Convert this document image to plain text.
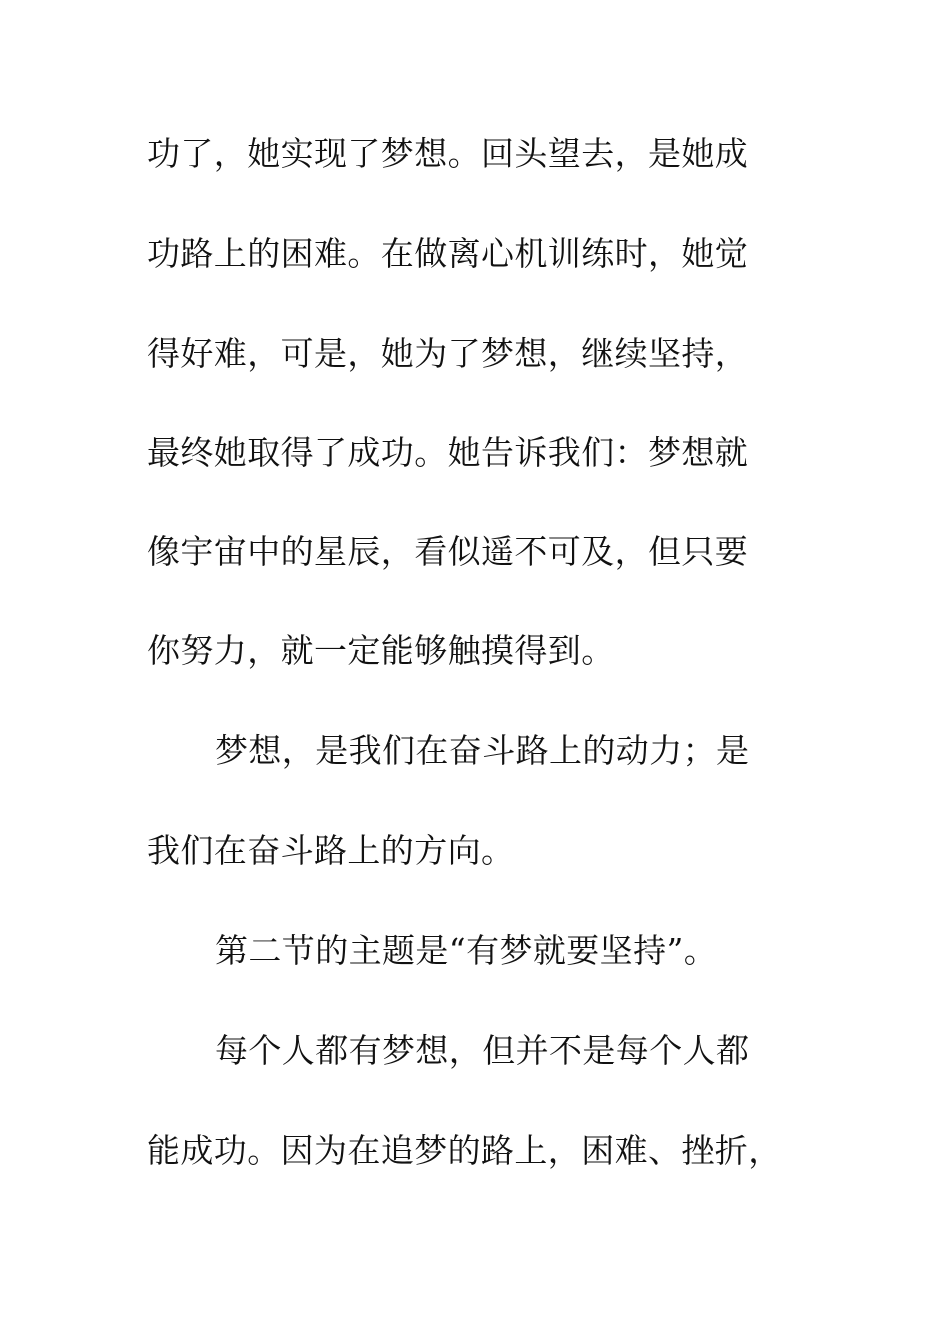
功了，她实现了梦想。回头望去，是她成
功路上的困难。在做离心机训练时，她觉
得好难，可是，她为了梦想，继续坚持，
最终她取得了成功。她告诉我们：梦想就
像宇宙中的星辰，看似遥不可及，但只要
你努力，就一定能够触摸得到。
梦想，是我们在奋斗路上的动力；是
我们在奋斗路上的方向。
第二节的主题是“有梦就要坚持”。
每个人都有梦想，但并不是每个人都
能成功。因为在追梦的路上，困难、挫折，
